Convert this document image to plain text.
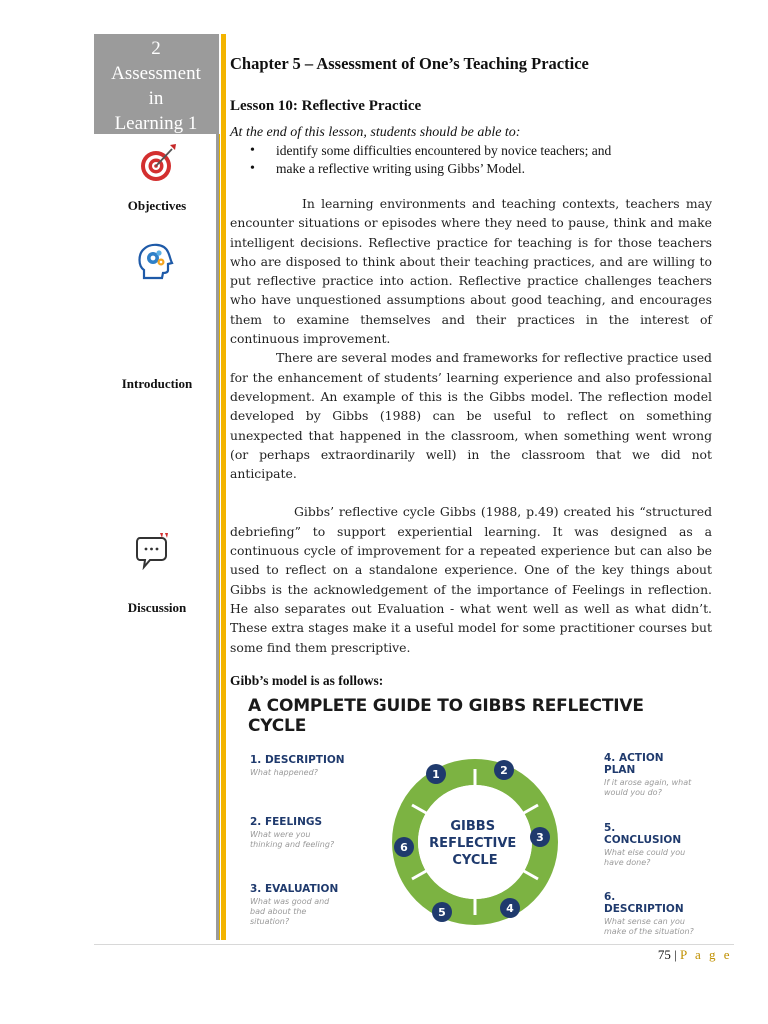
2
Assessment
in
Learning 1
Objectives
Introduction
Discussion
Chapter 5 – Assessment of One’s Teaching Practice
Lesson 10: Reflective Practice
At the end of this lesson, students should be able to:
• identify some difficulties encountered by novice teachers; and
• make a reflective writing using Gibbs’ Model.

In learning environments and teaching contexts, teachers may encounter situations or episodes where they need to pause, think and make intelligent decisions. Reflective practice for teaching is for those teachers who are disposed to think about their teaching practices, and are willing to put reflective practice into action. Reflective practice challenges teachers who have unquestioned assumptions about good teaching, and encourages them to examine themselves and their practices in the interest of continuous improvement.

There are several modes and frameworks for reflective practice used for the enhancement of students’ learning experience and also professional development. An example of this is the Gibbs model. The reflection model developed by Gibbs (1988) can be useful to reflect on something unexpected that happened in the classroom, when something went wrong (or perhaps extraordinarily well) in the classroom that we did not anticipate.

Gibbs’ reflective cycle Gibbs (1988, p.49) created his “structured debriefing” to support experiential learning. It was designed as a continuous cycle of improvement for a repeated experience but can also be used to reflect on a standalone experience. One of the key things about Gibbs is the acknowledgement of the importance of Feelings in reflection. He also separates out Evaluation - what went well as well as what didn’t. These extra stages make it a useful model for some practitioner courses but some find them prescriptive.

Gibb’s model is as follows:
A COMPLETE GUIDE TO GIBBS REFLECTIVE CYCLE
GIBBS REFLECTIVE CYCLE
1	2
3
4
5
6
1. DESCRIPTION
What happened?
2. FEELINGS
What were you
thinking and feeling?
3. EVALUATION
What was good and
bad about the
situation?
4. ACTION PLAN
If it arose again, what
would you do?
5. CONCLUSION
What else could you
have done?
6. DESCRIPTION
What sense can you
make of the situation?
75 | P a g e
